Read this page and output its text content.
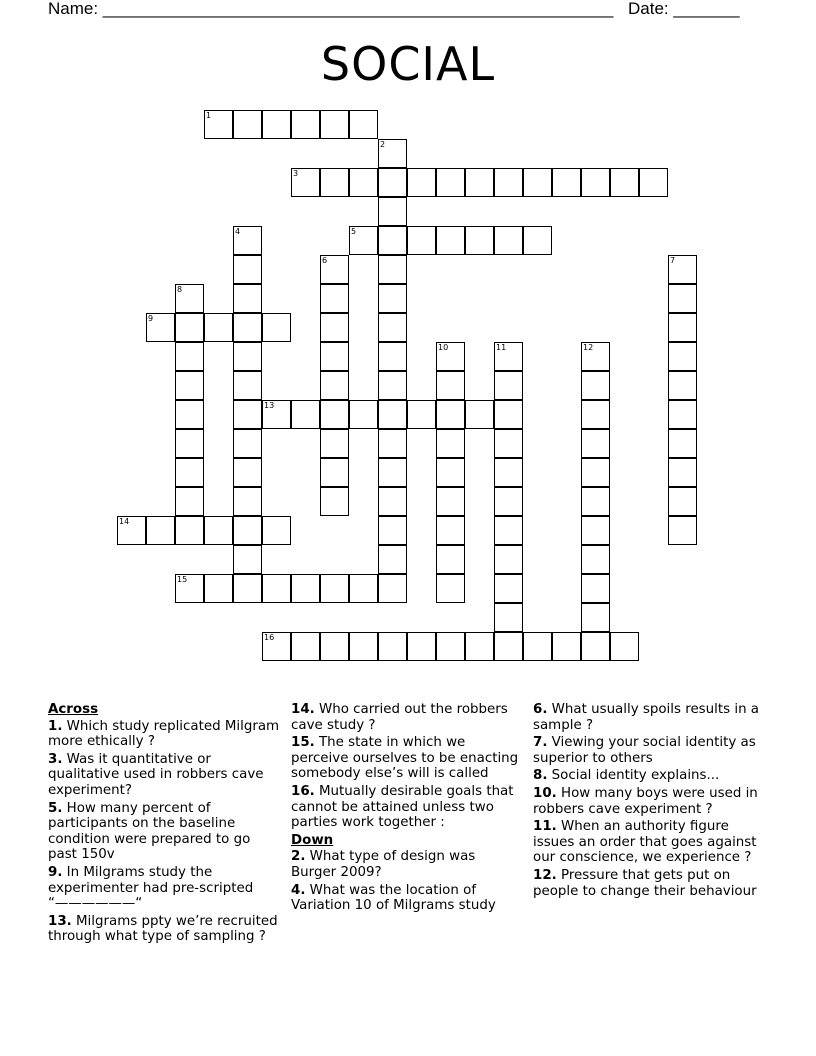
Name: ______________________________________________________ Date: _______
SOCIAL
1
2
3
4	5
6	7
8
9
10	11	12
13
14
15
16
Across
1. Which study replicated Milgram more ethically ?
3. Was it quantitative or qualitative used in robbers cave experiment?
5. How many percent of participants on the baseline condition were prepared to go past 150v
9. In Milgrams study the experimenter had pre-scripted “——————“
13. Milgrams ppty we’re recruited through what type of sampling ?
14. Who carried out the robbers cave study ?
15. The state in which we perceive ourselves to be enacting somebody else’s will is called
16. Mutually desirable goals that cannot be attained unless two parties work together :
Down
2. What type of design was Burger 2009?
4. What was the location of Variation 10 of Milgrams study
6. What usually spoils results in a sample ?
7. Viewing your social identity as superior to others
8. Social identity explains...
10. How many boys were used in robbers cave experiment ?
11. When an authority figure issues an order that goes against our conscience, we experience ?
12. Pressure that gets put on people to change their behaviour
